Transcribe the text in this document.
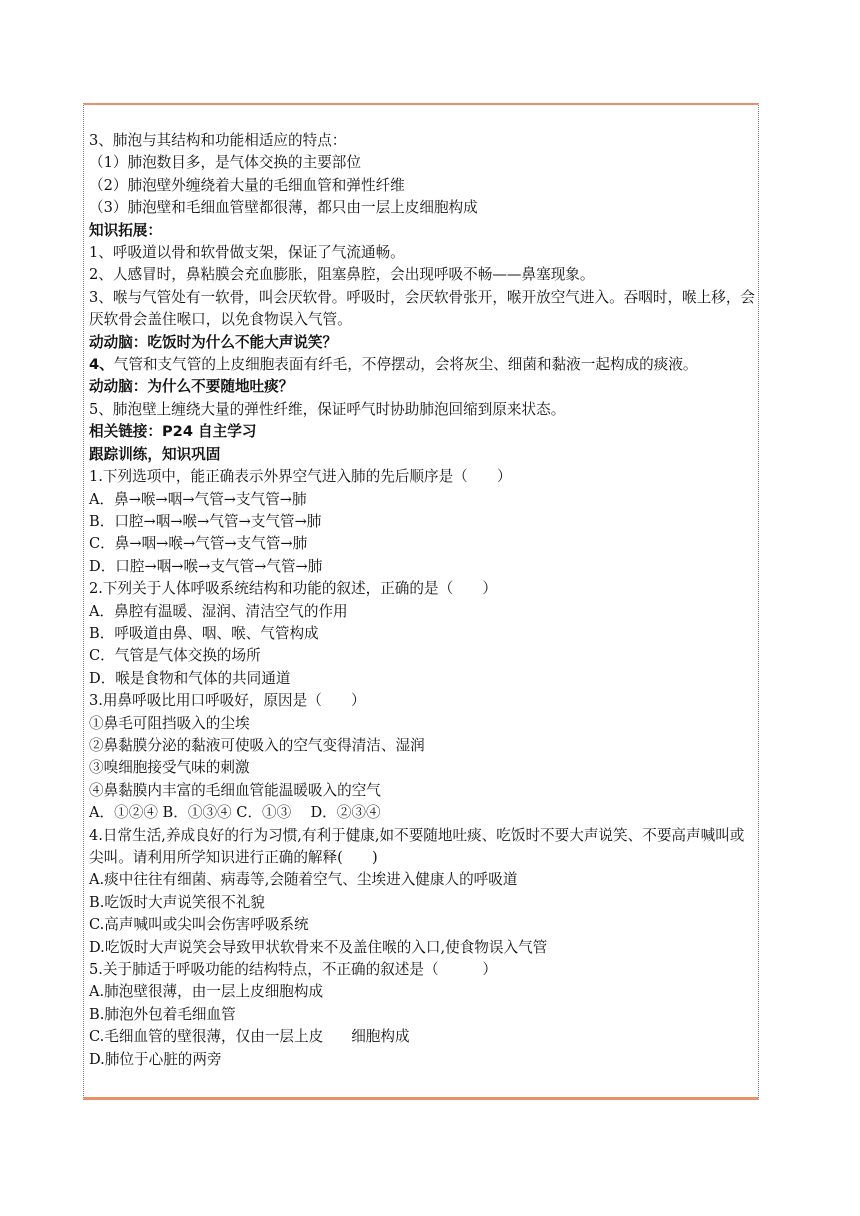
3、肺泡与其结构和功能相适应的特点：
（1）肺泡数目多，是气体交换的主要部位
（2）肺泡壁外缠绕着大量的毛细血管和弹性纤维
（3）肺泡壁和毛细血管壁都很薄，都只由一层上皮细胞构成
知识拓展：
1、呼吸道以骨和软骨做支架，保证了气流通畅。
2、人感冒时，鼻粘膜会充血膨胀，阻塞鼻腔，会出现呼吸不畅——鼻塞现象。
3、喉与气管处有一软骨，叫会厌软骨。呼吸时，会厌软骨张开，喉开放空气进入。吞咽时，喉上移，会厌软骨会盖住喉口，以免食物误入气管。
动动脑：吃饭时为什么不能大声说笑？
4、气管和支气管的上皮细胞表面有纤毛，不停摆动，会将灰尘、细菌和黏液一起构成的痰液。
动动脑：为什么不要随地吐痰？
5、肺泡壁上缠绕大量的弹性纤维，保证呼气时协助肺泡回缩到原来状态。
相关链接：P24 自主学习
跟踪训练，知识巩固
1.下列选项中，能正确表示外界空气进入肺的先后顺序是（　　）
A．鼻→喉→咽→气管→支气管→肺
B．口腔→咽→喉→气管→支气管→肺
C．鼻→咽→喉→气管→支气管→肺
D．口腔→咽→喉→支气管→气管→肺
2.下列关于人体呼吸系统结构和功能的叙述，正确的是（　　）
A．鼻腔有温暖、湿润、清洁空气的作用
B．呼吸道由鼻、咽、喉、气管构成
C．气管是气体交换的场所
D．喉是食物和气体的共同通道
3.用鼻呼吸比用口呼吸好，原因是（　　）
①鼻毛可阻挡吸入的尘埃
②鼻黏膜分泌的黏液可使吸入的空气变得清洁、湿润
③嗅细胞接受气味的刺激
④鼻黏膜内丰富的毛细血管能温暖吸入的空气
A．①②④ B．①③④ C．①③　 D．②③④
4.日常生活,养成良好的行为习惯,有利于健康,如不要随地吐痰、吃饭时不要大声说笑、不要高声喊叫或尖叫。请利用所学知识进行正确的解释(　　)
A.痰中往往有细菌、病毒等,会随着空气、尘埃进入健康人的呼吸道
B.吃饭时大声说笑很不礼貌
C.高声喊叫或尖叫会伤害呼吸系统
D.吃饭时大声说笑会导致甲状软骨来不及盖住喉的入口,使食物误入气管
5.关于肺适于呼吸功能的结构特点，不正确的叙述是（　　　）
A.肺泡壁很薄，由一层上皮细胞构成
B.肺泡外包着毛细血管
C.毛细血管的壁很薄，仅由一层上皮 细胞构成
D.肺位于心脏的两旁
